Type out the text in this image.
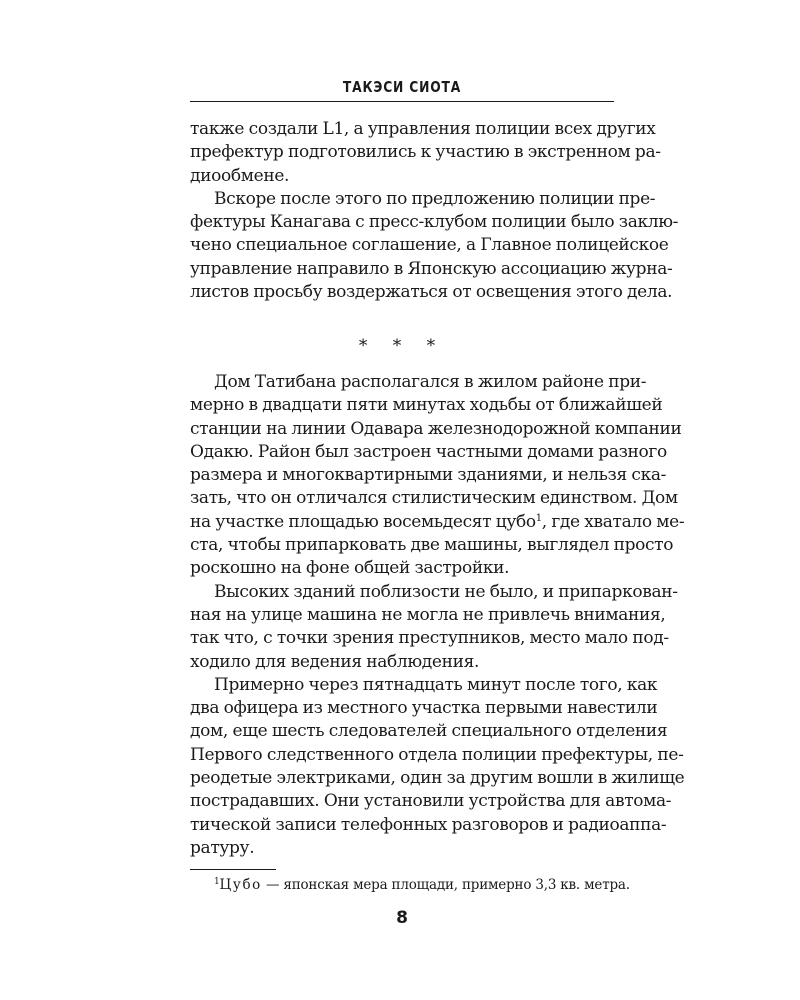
ТАКЭСИ СИОТА

также создали L1, а управления полиции всех других
префектур подготовились к участию в экстренном ра-
диообмене.

Вскоре после этого по предложению полиции пре-
фектуры Канагава с пресс-клубом полиции было заклю-
чено специальное соглашение, а Главное полицейское
управление направило в Японскую ассоциацию журна-
листов просьбу воздержаться от освещения этого дела.

* * *

Дом Татибана располагался в жилом районе при-
мерно в двадцати пяти минутах ходьбы от ближайшей
станции на линии Одавара железнодорожной компании
Одакю. Район был застроен частными домами разного
размера и многоквартирными зданиями, и нельзя ска-
зать, что он отличался стилистическим единством. Дом
на участке площадью восемьдесят цубо$^1$, где хватало ме-
ста, чтобы припарковать две машины, выглядел просто
роскошно на фоне общей застройки.

Высоких зданий поблизости не было, и припаркован-
ная на улице машина не могла не привлечь внимания,
так что, с точки зрения преступников, место мало под-
ходило для ведения наблюдения.

Примерно через пятнадцать минут после того, как
два офицера из местного участка первыми навестили
дом, еще шесть следователей специального отделения
Первого следственного отдела полиции префектуры, пе-
реодетые электриками, один за другим вошли в жилище
пострадавших. Они установили устройства для автома-
тической записи телефонных разговоров и радиоаппа-
ратуру.

$^1$Цубо — японская мера площади, примерно 3,3 кв. метра.
8
